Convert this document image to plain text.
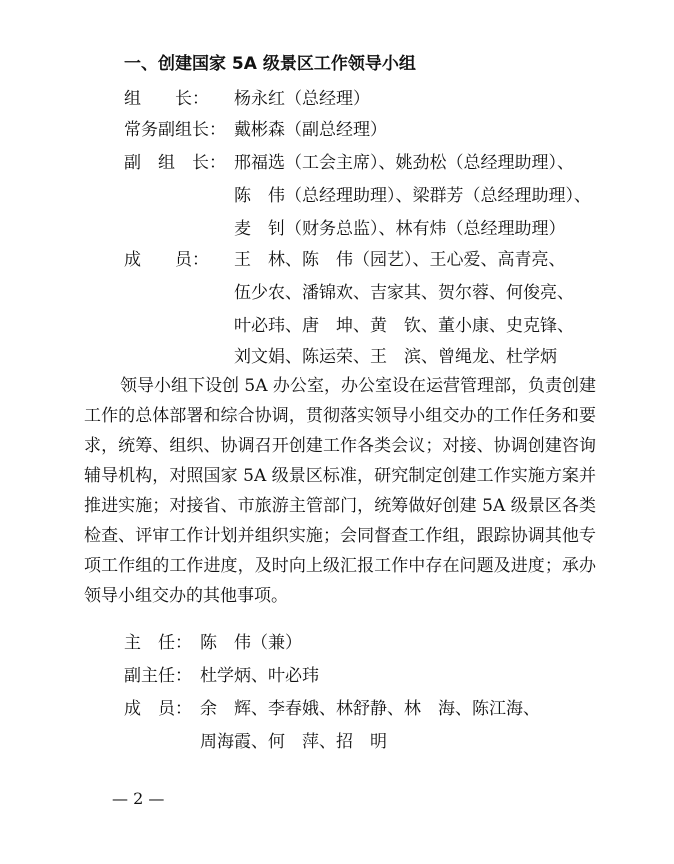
一、创建国家 5A 级景区工作领导小组
组　　长： 杨永红（总经理）
常务副组长： 戴彬森（副总经理）
副　组　长： 邢福选（工会主席）、姚劲松（总经理助理）、
陈　伟（总经理助理）、梁群芳（总经理助理）、
麦　钊（财务总监）、林有炜（总经理助理）
成　　员： 王　林、陈　伟（园艺）、王心爱、高青亮、
伍少农、潘锦欢、吉家其、贺尔蓉、何俊亮、
叶必玮、唐　坤、黄　钦、董小康、史克锋、
刘文娟、陈运荣、王　滨、曾绳龙、杜学炳

领导小组下设创 5A 办公室，办公室设在运营管理部，负责创建工作的总体部署和综合协调，贯彻落实领导小组交办的工作任务和要求，统筹、组织、协调召开创建工作各类会议；对接、协调创建咨询辅导机构，对照国家 5A 级景区标准，研究制定创建工作实施方案并推进实施；对接省、市旅游主管部门，统筹做好创建 5A 级景区各类检查、评审工作计划并组织实施；会同督查工作组，跟踪协调其他专项工作组的工作进度，及时向上级汇报工作中存在问题及进度；承办领导小组交办的其他事项。

主　任： 陈　伟（兼）
副主任： 杜学炳、叶必玮
成　员： 余　辉、李春娥、林舒静、林　海、陈江海、
周海霞、何　萍、招　明
— 2 —
